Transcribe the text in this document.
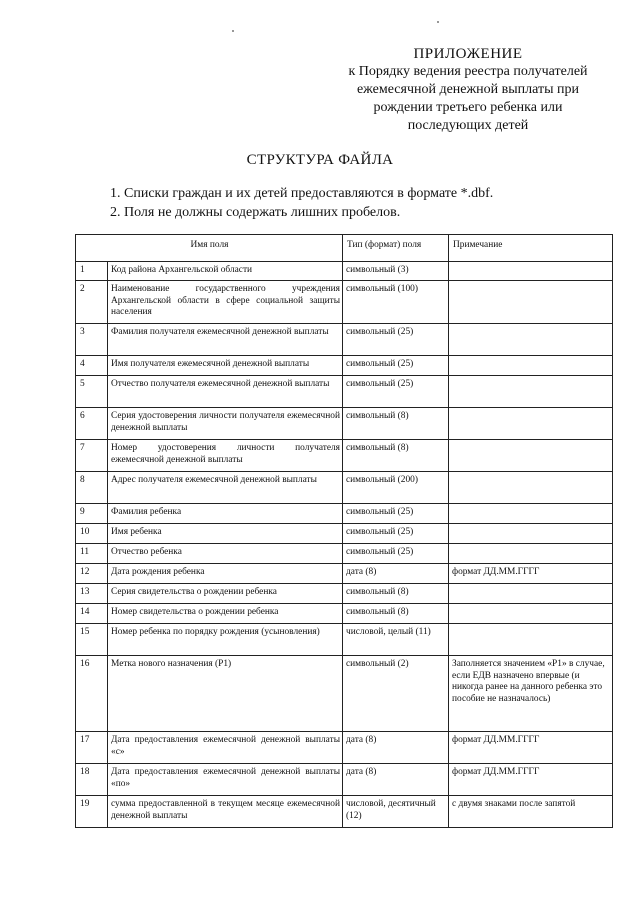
ПРИЛОЖЕНИЕ
к Порядку ведения реестра получателей
ежемесячной денежной выплаты при
рождении третьего ребенка или
последующих детей
СТРУКТУРА ФАЙЛА
1. Списки граждан и их детей предоставляются в формате *.dbf.
2. Поля не должны содержать лишних пробелов.
Имя поля		Тип (формат) поля	Примечание
1	Код района Архангельской области	символьный (3)	
2	Наименование государственного учреждения Архангельской области в сфере социальной защиты населения	символьный (100)	
3	Фамилия получателя ежемесячной денежной выплаты	символьный (25)	
4	Имя получателя ежемесячной денежной выплаты	символьный (25)	
5	Отчество получателя ежемесячной денежной выплаты	символьный (25)	
6	Серия удостоверения личности получателя ежемесячной денежной выплаты	символьный (8)	
7	Номер удостоверения личности получателя ежемесячной денежной выплаты	символьный (8)	
8	Адрес получателя ежемесячной денежной выплаты	символьный (200)	
9	Фамилия ребенка	символьный (25)	
10	Имя ребенка	символьный (25)	
11	Отчество ребенка	символьный (25)	
12	Дата рождения ребенка	дата (8)	формат ДД.ММ.ГГГГ
13	Серия свидетельства о рождении ребенка	символьный (8)	
14	Номер свидетельства о рождении ребенка	символьный (8)	
15	Номер ребенка по порядку рождения (усыновления)	числовой, целый (11)	
16	Метка нового назначения (Р1)	символьный (2)	Заполняется значением «Р1» в случае, если ЕДВ назначено впервые (и никогда ранее на данного ребенка это пособие не назначалось)
17	Дата предоставления ежемесячной денежной выплаты «с»	дата (8)	формат ДД.ММ.ГГГГ
18	Дата предоставления ежемесячной денежной выплаты «по»	дата (8)	формат ДД.ММ.ГГГГ
19	сумма предоставленной в текущем месяце ежемесячной денежной выплаты	числовой, десятичный (12)	с двумя знаками после запятой
